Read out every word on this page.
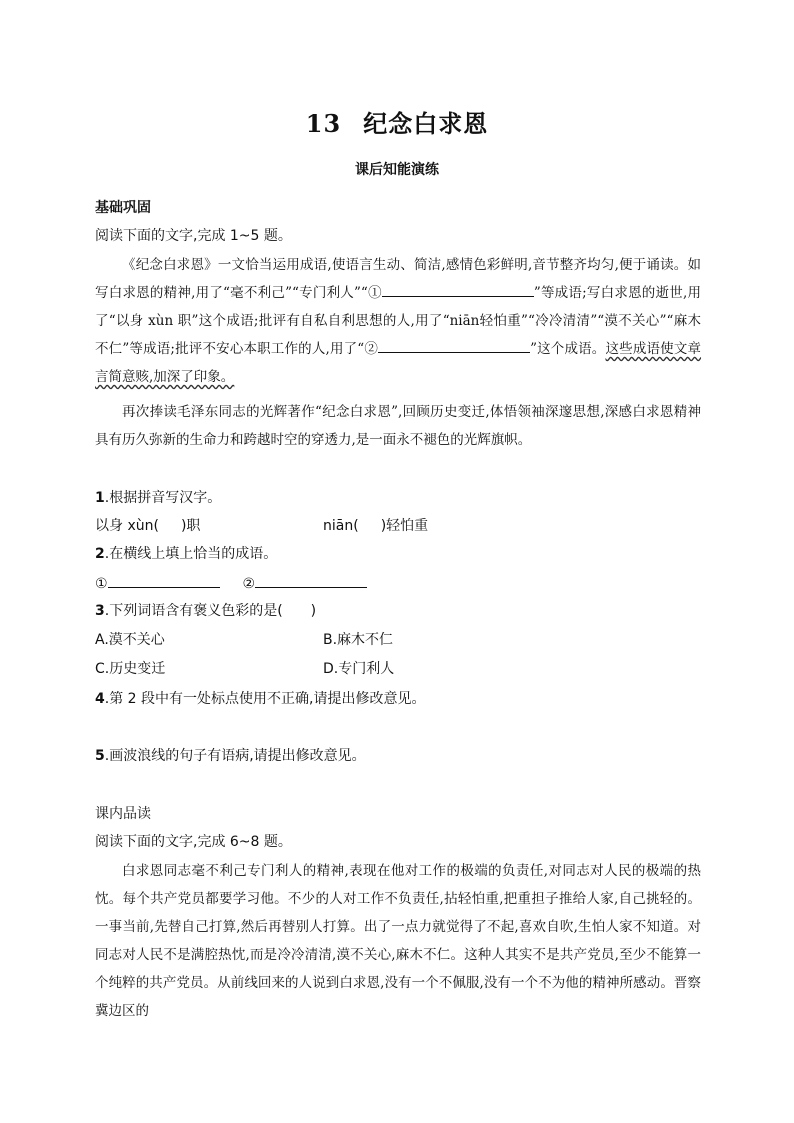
13 纪念白求恩
课后知能演练
基础巩固
阅读下面的文字,完成 1~5 题。
《纪念白求恩》一文恰当运用成语,使语言生动、简洁,感情色彩鲜明,音节整齐均匀,便于诵读。如写白求恩的精神,用了“毫不利己”“专门利人”“①	”等成语;写白求恩的逝世,用了“以身 xùn 职”这个成语;批评有自私自利思想的人,用了“niān轻怕重”“冷冷清清”“漠不关心”“麻木不仁”等成语;批评不安心本职工作的人,用了“②	”这个成语。这些成语使文章言简意赅,加深了印象。
再次捧读毛泽东同志的光辉著作“纪念白求恩”,回顾历史变迁,体悟领袖深邃思想,深感白求恩精神具有历久弥新的生命力和跨越时空的穿透力,是一面永不褪色的光辉旗帜。
1.根据拼音写汉字。
以身 xùn( )职	niān( )轻怕重
2.在横线上填上恰当的成语。
①	②
3.下列词语含有褒义色彩的是( )
A.漠不关心	B.麻木不仁
C.历史变迁	D.专门利人
4.第 2 段中有一处标点使用不正确,请提出修改意见。
5.画波浪线的句子有语病,请提出修改意见。
课内品读
阅读下面的文字,完成 6~8 题。
白求恩同志毫不利己专门利人的精神,表现在他对工作的极端的负责任,对同志对人民的极端的热忱。每个共产党员都要学习他。不少的人对工作不负责任,拈轻怕重,把重担子推给人家,自己挑轻的。一事当前,先替自己打算,然后再替别人打算。出了一点力就觉得了不起,喜欢自吹,生怕人家不知道。对同志对人民不是满腔热忱,而是冷冷清清,漠不关心,麻木不仁。这种人其实不是共产党员,至少不能算一个纯粹的共产党员。从前线回来的人说到白求恩,没有一个不佩服,没有一个不为他的精神所感动。晋察冀边区的
